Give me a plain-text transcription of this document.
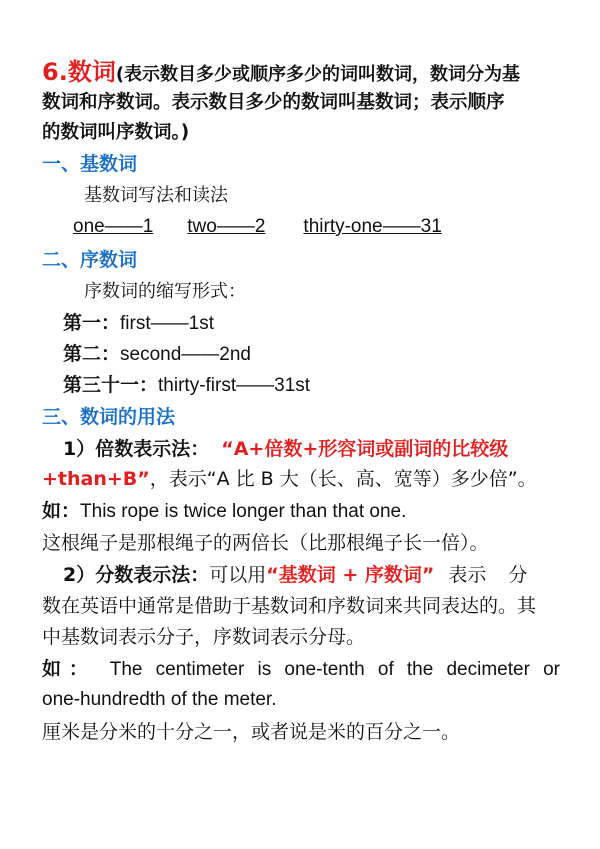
6.数词(表示数目多少或顺序多少的词叫数词，数词分为基
数词和序数词。表示数目多少的数词叫基数词；表示顺序
的数词叫序数词。)
一、基数词
基数词写法和读法
one——1 two——2 thirty-one——31
二、序数词
序数词的缩写形式：
第一：first——1st
第二：second——2nd
第三十一：thirty-first——31st
三、数词的用法
1）倍数表示法： “A+倍数+形容词或副词的比较级
+than+B”，表示“A 比 B 大（长、高、宽等）多少倍”。
如：This rope is twice longer than that one.
这根绳子是那根绳子的两倍长（比那根绳子长一倍）。
2）分数表示法：可以用“基数词 + 序数词” 表示 分
数在英语中通常是借助于基数词和序数词来共同表达的。其
中基数词表示分子，序数词表示分母。
如： The centimeter is one-tenth of the decimeter or
one-hundredth of the meter.
厘米是分米的十分之一，或者说是米的百分之一。
